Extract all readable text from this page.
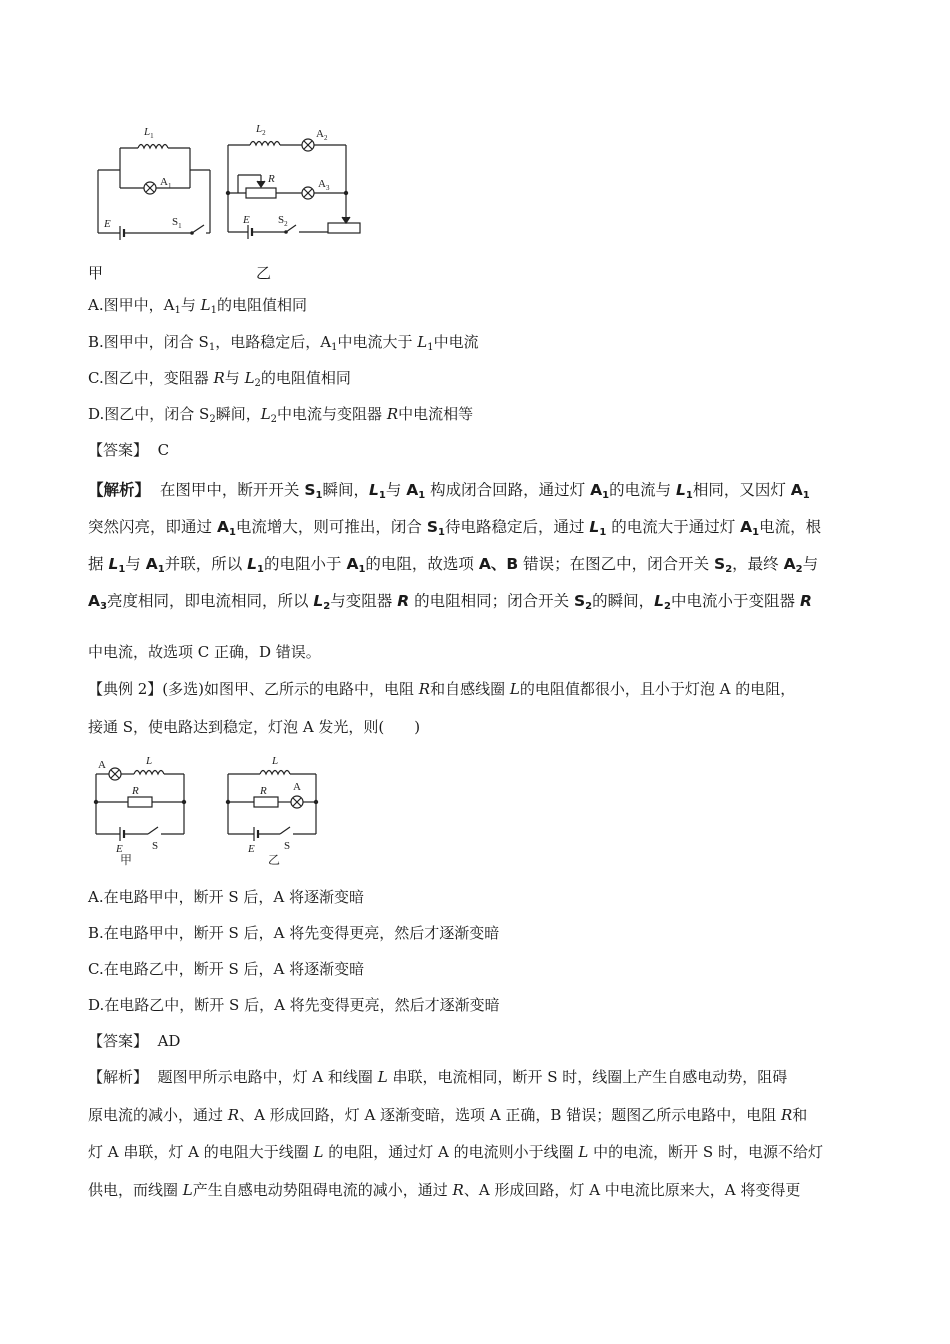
$L_1$
$A_1$
E	$S_1$
$L_2$	$A_2$
R	$A_3$
E	$S_2$
甲	乙
A.图甲中，$A_1$与 $L_1$的电阻值相同
B.图甲中，闭合 $S_1$，电路稳定后，$A_1$中电流大于 $L_1$中电流
C.图乙中，变阻器 R与 $L_2$的电阻值相同
D.图乙中，闭合 $S_2$瞬间，$L_2$中电流与变阻器 R中电流相等
【答案】 C
【解析】 在图甲中，断开开关 $S_1$瞬间，$L_1$与 $A_1$ 构成闭合回路，通过灯 $A_1$的电流与 $L_1$相同，又因灯 $A_1$
突然闪亮，即通过 $A_1$电流增大，则可推出，闭合 $S_1$待电路稳定后，通过 $L_1$ 的电流大于通过灯 $A_1$电流，根
据 $L_1$与 $A_1$并联，所以 $L_1$的电阻小于 $A_1$的电阻，故选项 A、B 错误；在图乙中，闭合开关 $S_2$，最终 $A_2$与
$A_3$亮度相同，即电流相同，所以 $L_2$与变阻器 R 的电阻相同；闭合开关 $S_2$的瞬间，$L_2$中电流小于变阻器 R
中电流，故选项 C 正确，D 错误。
【典例 2】(多选)如图甲、乙所示的电路中，电阻 R和自感线圈 L的电阻值都很小，且小于灯泡 A 的电阻，
接通 S，使电路达到稳定，灯泡 A 发光，则(　　)
A	L
R
E	S
甲
L
R A
E	S
乙
A.在电路甲中，断开 S 后，A 将逐渐变暗
B.在电路甲中，断开 S 后，A 将先变得更亮，然后才逐渐变暗
C.在电路乙中，断开 S 后，A 将逐渐变暗
D.在电路乙中，断开 S 后，A 将先变得更亮，然后才逐渐变暗
【答案】 AD
【解析】 题图甲所示电路中，灯 A 和线圈 L 串联，电流相同，断开 S 时，线圈上产生自感电动势，阻碍
原电流的减小，通过 R、A 形成回路，灯 A 逐渐变暗，选项 A 正确，B 错误；题图乙所示电路中，电阻 R和
灯 A 串联，灯 A 的电阻大于线圈 L 的电阻，通过灯 A 的电流则小于线圈 L 中的电流，断开 S 时，电源不给灯
供电，而线圈 L产生自感电动势阻碍电流的减小，通过 R、A 形成回路，灯 A 中电流比原来大，A 将变得更
